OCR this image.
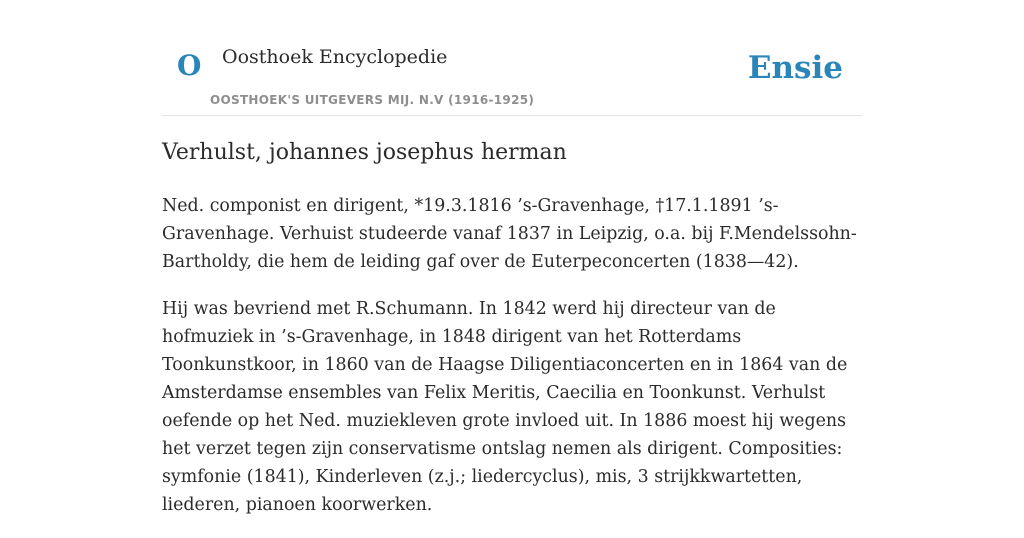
O Oosthoek Encyclopedie
OOSTHOEK'S UITGEVERS MIJ. N.V (1916-1925)
Ensie
Verhulst, johannes josephus herman

Ned. componist en dirigent, *19.3.1816 ’s-Gravenhage, †17.1.1891 ’s-Gravenhage. Verhuist studeerde vanaf 1837 in Leipzig, o.a. bij F.Mendelssohn-Bartholdy, die hem de leiding gaf over de Euterpeconcerten (1838—42).

Hij was bevriend met R.Schumann. In 1842 werd hij directeur van de hofmuziek in ’s-Gravenhage, in 1848 dirigent van het Rotterdams Toonkunstkoor, in 1860 van de Haagse Diligentiaconcerten en in 1864 van de Amsterdamse ensembles van Felix Meritis, Caecilia en Toonkunst. Verhulst oefende op het Ned. muziekleven grote invloed uit. In 1886 moest hij wegens het verzet tegen zijn conservatisme ontslag nemen als dirigent. Composities: symfonie (1841), Kinderleven (z.j.; liedercyclus), mis, 3 strijkkwartetten, liederen, pianoen koorwerken.
